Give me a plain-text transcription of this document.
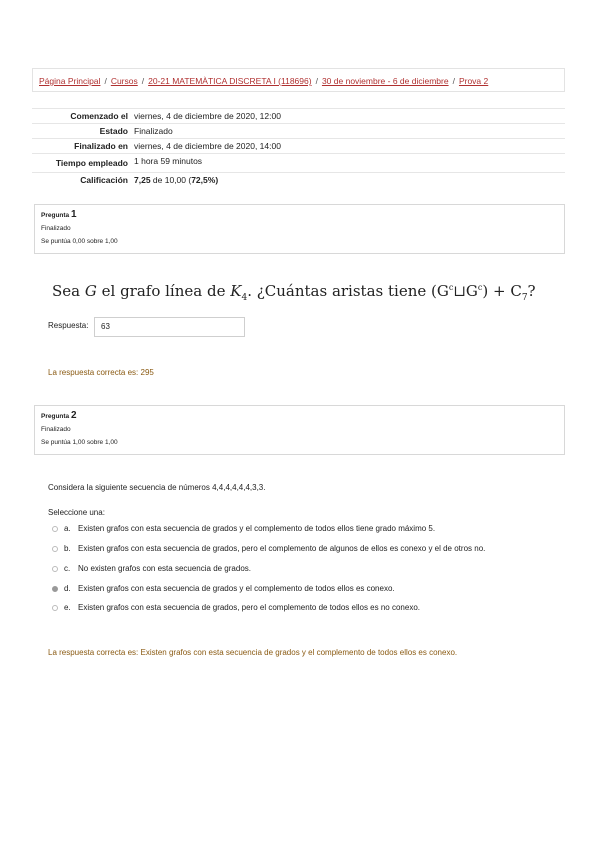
Página Principal / Cursos / 20-21 MATEMÀTICA DISCRETA I (118696) / 30 de noviembre - 6 de diciembre / Prova 2
Comenzado el viernes, 4 de diciembre de 2020, 12:00
Estado Finalizado
Finalizado en viernes, 4 de diciembre de 2020, 14:00
Tiempo empleado 1 hora 59 minutos
Calificación 7,25 de 10,00 (72,5%)
Pregunta 1
Finalizado
Se puntúa 0,00 sobre 1,00
Sea G el grafo línea de $K_4$. ¿Cuántas aristas tiene $(G^c⊔G^c) + C_7$?
Respuesta:	63
La respuesta correcta es: 295
Pregunta 2
Finalizado
Se puntúa 1,00 sobre 1,00
Considera la siguiente secuencia de números 4,4,4,4,4,4,3,3.
Seleccione una:
a. Existen grafos con esta secuencia de grados y el complemento de todos ellos tiene grado máximo 5.
b. Existen grafos con esta secuencia de grados, pero el complemento de algunos de ellos es conexo y el de otros no.
c. No existen grafos con esta secuencia de grados.
d. Existen grafos con esta secuencia de grados y el complemento de todos ellos es conexo.
e. Existen grafos con esta secuencia de grados, pero el complemento de todos ellos es no conexo.
La respuesta correcta es: Existen grafos con esta secuencia de grados y el complemento de todos ellos es conexo.
